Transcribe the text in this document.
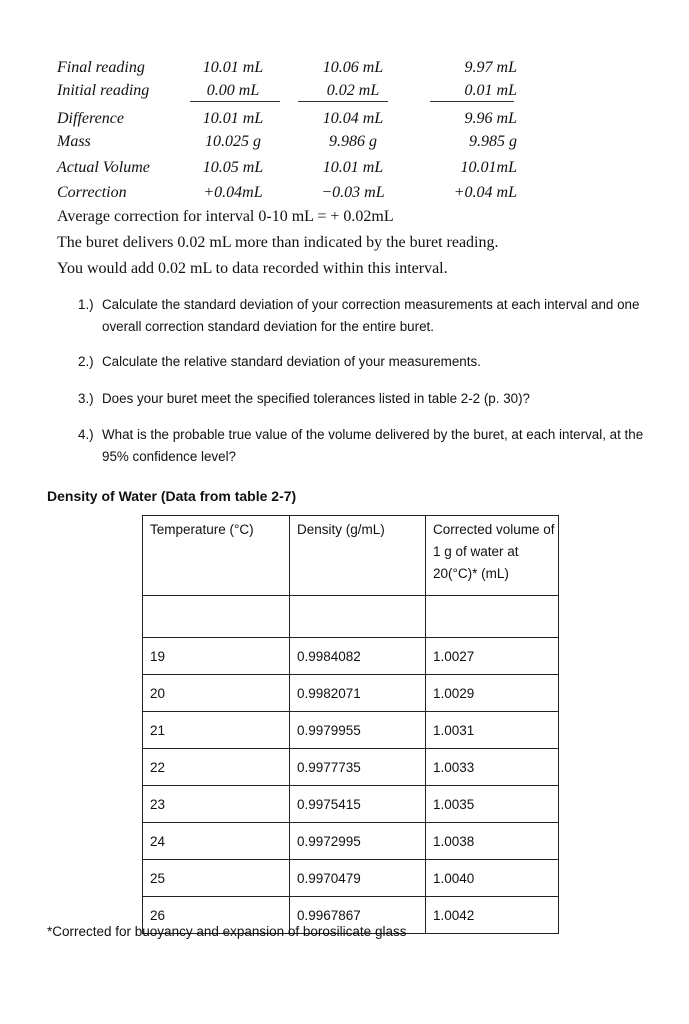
Final reading	10.01 mL	10.06 mL	9.97 mL
Initial reading	0.00 mL	0.02 mL	0.01 mL
Difference	10.01 mL	10.04 mL	9.96 mL
Mass	10.025 g	9.986 g	9.985 g
Actual Volume	10.05 mL	10.01 mL	10.01mL
Correction	+0.04mL	−0.03 mL	+0.04 mL
Average correction for interval 0-10 mL = + 0.02mL
The buret delivers 0.02 mL more than indicated by the buret reading.
You would add 0.02 mL to data recorded within this interval.
1.) Calculate the standard deviation of your correction measurements at each interval and one overall correction standard deviation for the entire buret.
2.) Calculate the relative standard deviation of your measurements.
3.) Does your buret meet the specified tolerances listed in table 2-2 (p. 30)?
4.) What is the probable true value of the volume delivered by the buret, at each interval, at the 95% confidence level?
Density of Water (Data from table 2-7)
Temperature (°C)	Density (g/mL)	Corrected volume of 1 g of water at 20(°C)* (mL)

19	0.9984082	1.0027
20	0.9982071	1.0029
21	0.9979955	1.0031
22	0.9977735	1.0033
23	0.9975415	1.0035
24	0.9972995	1.0038
25	0.9970479	1.0040
26	0.9967867	1.0042
*Corrected for buoyancy and expansion of borosilicate glass
